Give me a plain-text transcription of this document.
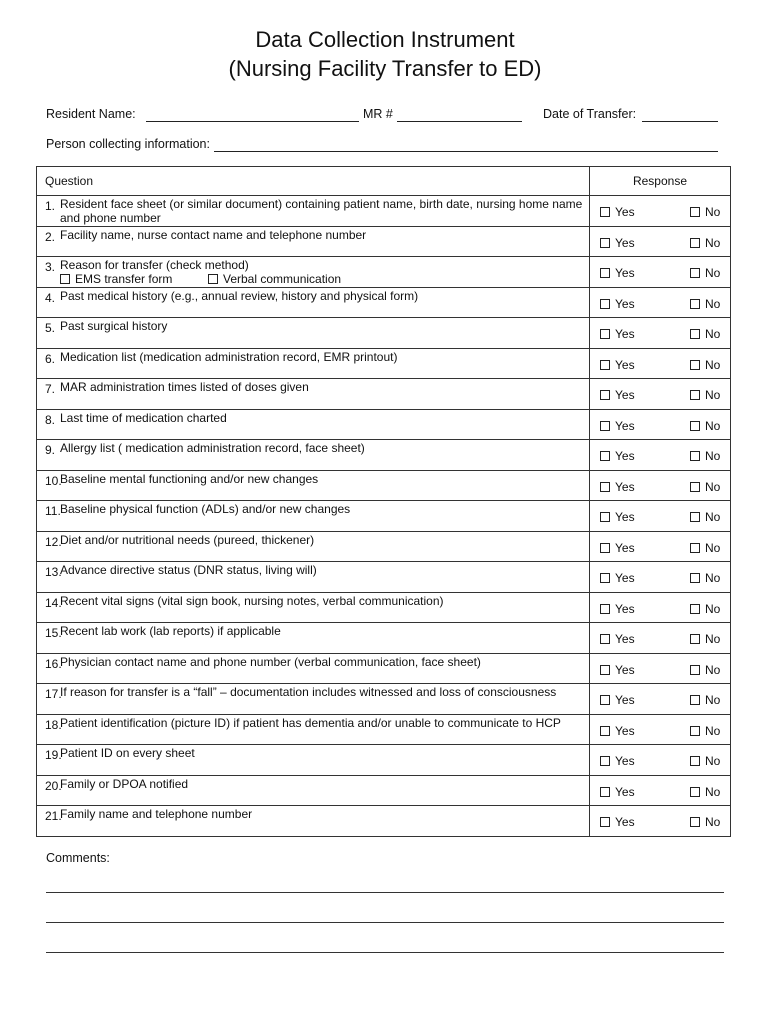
Data Collection Instrument
(Nursing Facility Transfer to ED)
Resident Name:	MR #	Date of Transfer:
Person collecting information:
Question	Response

1. Resident face sheet (or similar document) containing patient name, birth date, nursing home name and phone number	Yes No

2. Facility name, nurse contact name and telephone number	Yes No

3. Reason for transfer (check method)
EMS transfer form Verbal communication	Yes No

4. Past medical history (e.g., annual review, history and physical form)	Yes No

5. Past surgical history	Yes No

6. Medication list (medication administration record, EMR printout)	Yes No

7. MAR administration times listed of doses given	Yes No

8. Last time of medication charted	Yes No

9. Allergy list ( medication administration record, face sheet)	Yes No

10.
Baseline mental functioning and/or new changes	Yes No

11. Baseline physical function (ADLs) and/or new changes	Yes No

12.
Diet and/or nutritional needs (pureed, thickener)	Yes No

13.
Advance directive status (DNR status, living will)	Yes No

14.
Recent vital signs (vital sign book, nursing notes, verbal communication)	Yes No

15.
Recent lab work (lab reports) if applicable	Yes No

16.
Physician contact name and phone number (verbal communication, face sheet)	Yes No

17.
If reason for transfer is a “fall” – documentation includes witnessed and loss of consciousness	Yes No

18.
Patient identification (picture ID) if patient has dementia and/or unable to communicate to HCP	Yes No

19.
Patient ID on every sheet	Yes No

20.
Family or DPOA notified	Yes No

21.
Family name and telephone number	Yes No
Comments:
